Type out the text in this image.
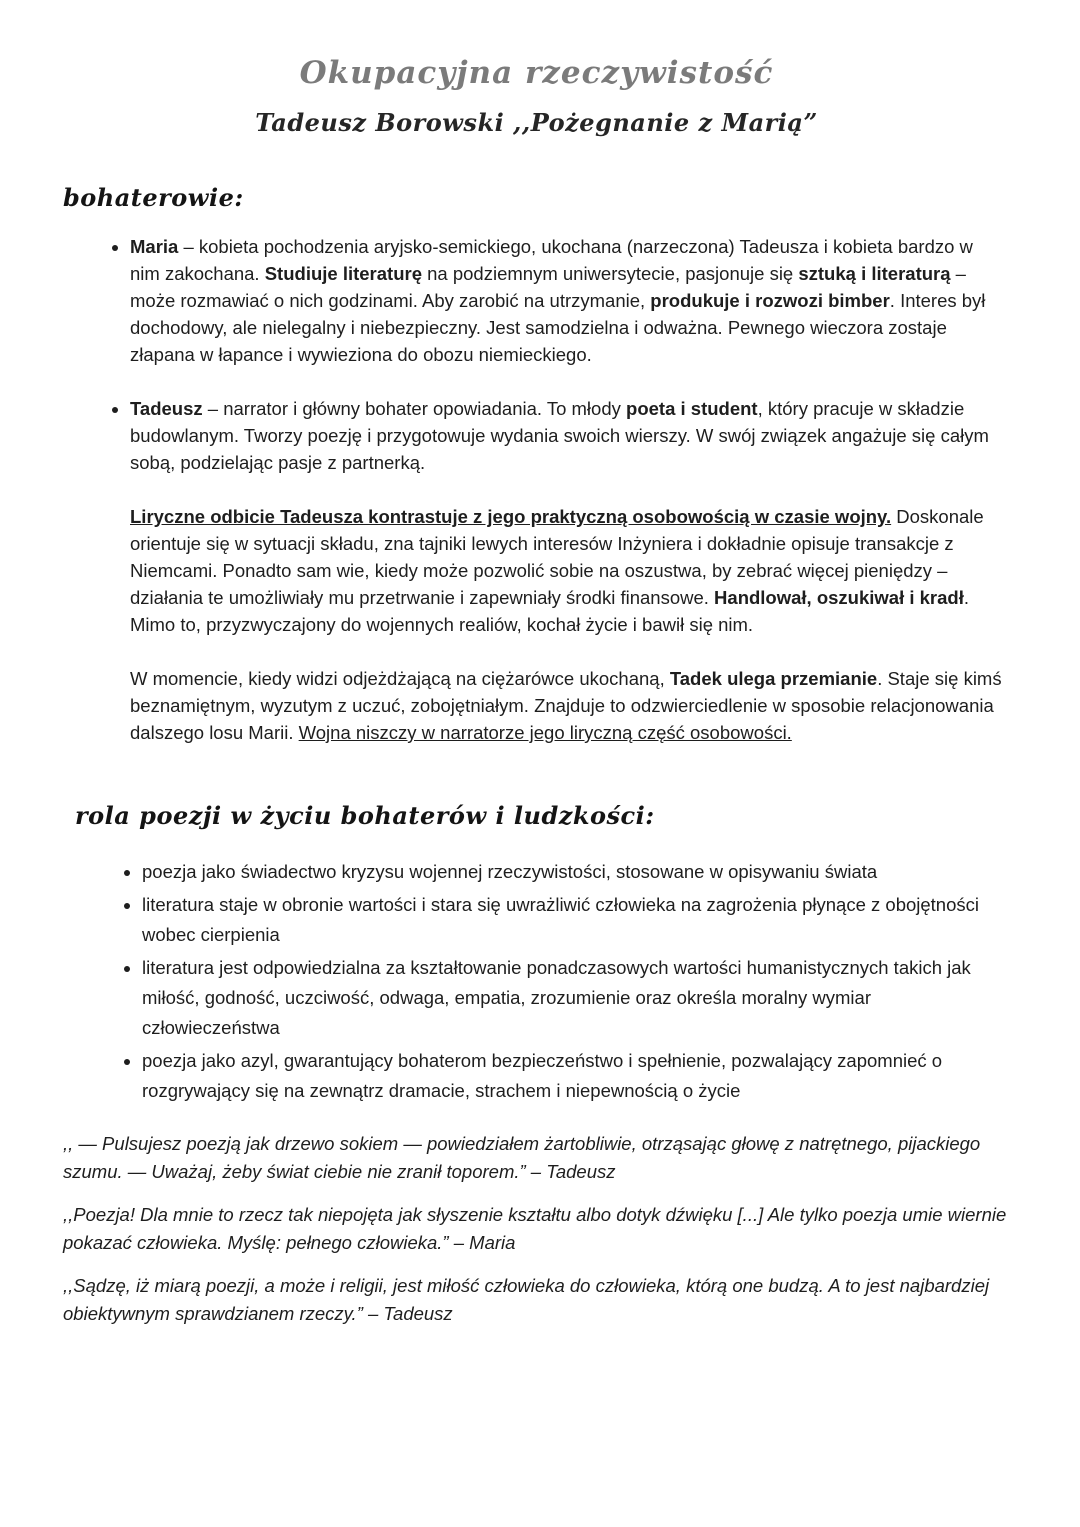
Okupacyjna rzeczywistość
Tadeusz Borowski ,,Pożegnanie z Marią”
bohaterowie:
• Maria – kobieta pochodzenia aryjsko-semickiego, ukochana (narzeczona) Tadeusza i kobieta bardzo w nim zakochana. Studiuje literaturę na podziemnym uniwersytecie, pasjonuje się sztuką i literaturą – może rozmawiać o nich godzinami. Aby zarobić na utrzymanie, produkuje i rozwozi bimber. Interes był dochodowy, ale nielegalny i niebezpieczny. Jest samodzielna i odważna. Pewnego wieczora zostaje złapana w łapance i wywieziona do obozu niemieckiego.
• Tadeusz – narrator i główny bohater opowiadania. To młody poeta i student, który pracuje w składzie budowlanym. Tworzy poezję i przygotowuje wydania swoich wierszy. W swój związek angażuje się całym sobą, podzielając pasje z partnerką.

Liryczne odbicie Tadeusza kontrastuje z jego praktyczną osobowością w czasie wojny. Doskonale orientuje się w sytuacji składu, zna tajniki lewych interesów Inżyniera i dokładnie opisuje transakcje z Niemcami. Ponadto sam wie, kiedy może pozwolić sobie na oszustwa, by zebrać więcej pieniędzy – działania te umożliwiały mu przetrwanie i zapewniały środki finansowe. Handlował, oszukiwał i kradł. Mimo to, przyzwyczajony do wojennych realiów, kochał życie i bawił się nim.

W momencie, kiedy widzi odjeżdżającą na ciężarówce ukochaną, Tadek ulega przemianie. Staje się kimś beznamiętnym, wyzutym z uczuć, zobojętniałym. Znajduje to odzwierciedlenie w sposobie relacjonowania dalszego losu Marii. Wojna niszczy w narratorze jego liryczną część osobowości.

rola poezji w życiu bohaterów i ludzkości:
• poezja jako świadectwo kryzysu wojennej rzeczywistości, stosowane w opisywaniu świata
• literatura staje w obronie wartości i stara się uwrażliwić człowieka na zagrożenia płynące z obojętności wobec cierpienia
• literatura jest odpowiedzialna za kształtowanie ponadczasowych wartości humanistycznych takich jak miłość, godność, uczciwość, odwaga, empatia, zrozumienie oraz określa moralny wymiar człowieczeństwa
• poezja jako azyl, gwarantujący bohaterom bezpieczeństwo i spełnienie, pozwalający zapomnieć o rozgrywający się na zewnątrz dramacie, strachem i niepewnością o życie

,, — Pulsujesz poezją jak drzewo sokiem — powiedziałem żartobliwie, otrząsając głowę z natrętnego, pijackiego szumu. — Uważaj, żeby świat ciebie nie zranił toporem.” – Tadeusz

,,Poezja! Dla mnie to rzecz tak niepojęta jak słyszenie kształtu albo dotyk dźwięku [...] Ale tylko poezja umie wiernie pokazać człowieka. Myślę: pełnego człowieka.” – Maria

,,Sądzę, iż miarą poezji, a może i religii, jest miłość człowieka do człowieka, którą one budzą. A to jest najbardziej obiektywnym sprawdzianem rzeczy.” – Tadeusz
